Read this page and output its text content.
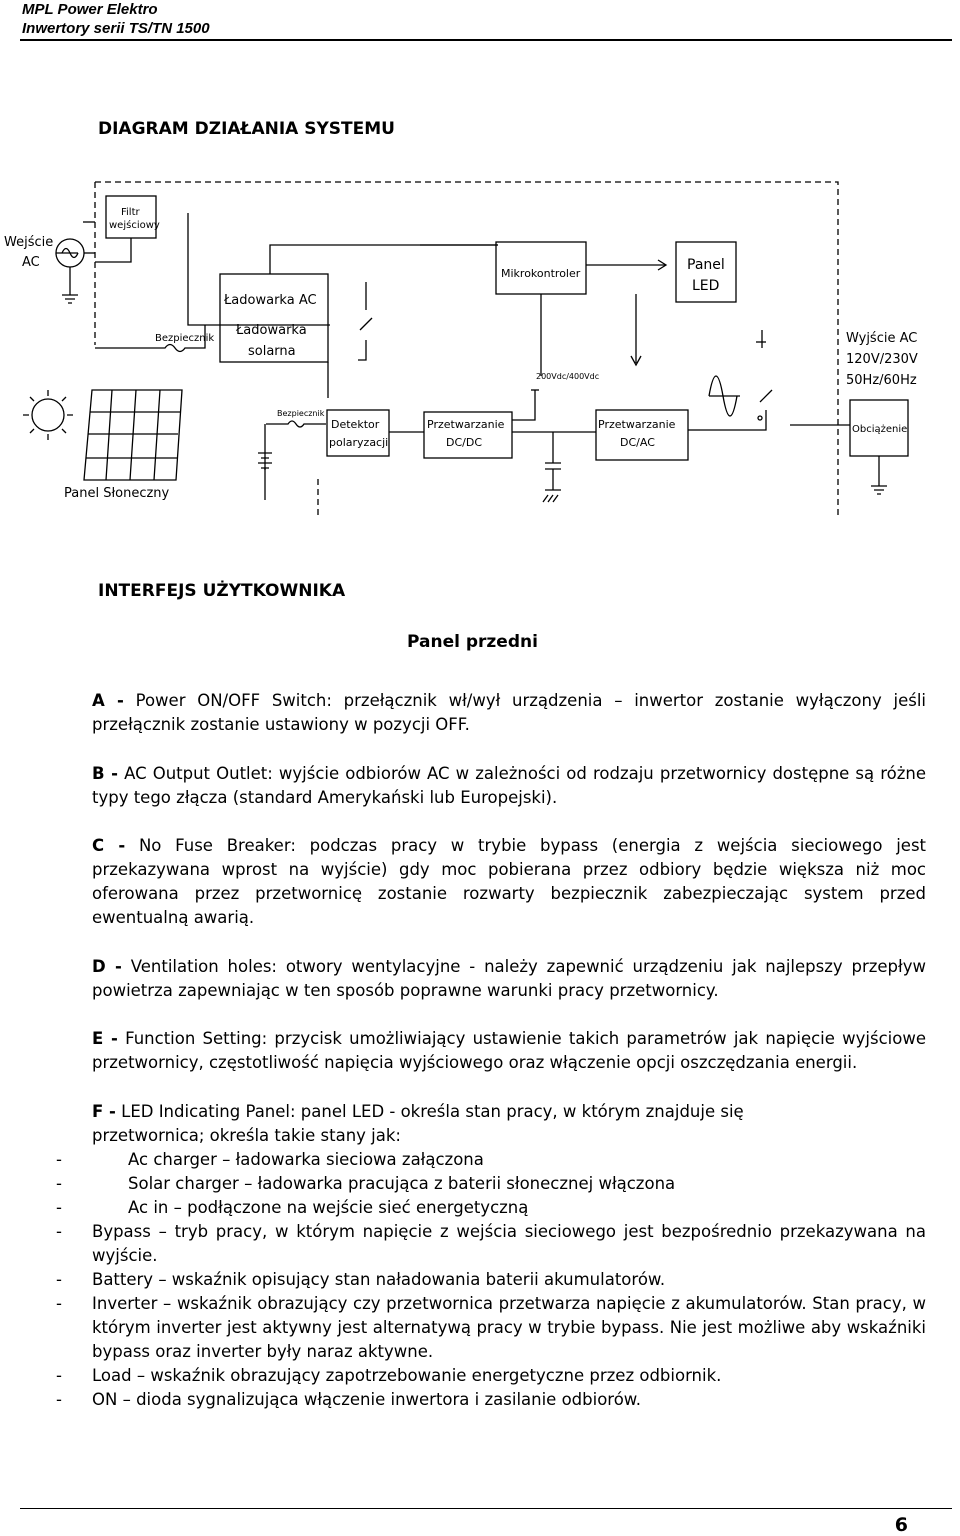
MPL Power Elektro
Inwertory serii TS/TN 1500
DIAGRAM DZIAŁANIA SYSTEMU
Wejście
AC
Filtr
wejściowy
Bezpiecznik
Ładowarka AC
Ładowarka
solarna
Mikrokontroler
Panel
LED
Wyjście AC
120V/230V
50Hz/60Hz
200Vdc/400Vdc
Bezpiecznik
Detektor
polaryzacji
Przetwarzanie
DC/DC
Przetwarzanie
DC/AC
Obciążenie
Panel Słoneczny
INTERFEJS UŻYTKOWNIKA
Panel przedni
A - Power ON/OFF Switch: przełącznik wł/wył urządzenia – inwertor zostanie wyłączony jeśli przełącznik zostanie ustawiony w pozycji OFF.
B - AC Output Outlet: wyjście odbiorów AC w zależności od rodzaju przetwornicy dostępne są różne typy tego złącza (standard Amerykański lub Europejski).
C - No Fuse Breaker: podczas pracy w trybie bypass (energia z wejścia sieciowego jest przekazywana wprost na wyjście) gdy moc pobierana przez odbiory będzie większa niż moc oferowana przez przetwornicę zostanie rozwarty bezpiecznik zabezpieczając system przed ewentualną awarią.
D - Ventilation holes: otwory wentylacyjne - należy zapewnić urządzeniu jak najlepszy przepływ powietrza zapewniając w ten sposób poprawne warunki pracy przetwornicy.
E - Function Setting: przycisk umożliwiający ustawienie takich parametrów jak napięcie wyjściowe przetwornicy, częstotliwość napięcia wyjściowego oraz włączenie opcji oszczędzania energii.
F - LED Indicating Panel: panel LED - określa stan pracy, w którym znajduje się przetwornica; określa takie stany jak:
-	Ac charger – ładowarka sieciowa załączona
-	Solar charger – ładowarka pracująca z baterii słonecznej włączona
-	Ac in – podłączone na wejście sieć energetyczną
- Bypass – tryb pracy, w którym napięcie z wejścia sieciowego jest bezpośrednio przekazywana na wyjście.
- Battery – wskaźnik opisujący stan naładowania baterii akumulatorów.
- Inverter – wskaźnik obrazujący czy przetwornica przetwarza napięcie z akumulatorów. Stan pracy, w którym inverter jest aktywny jest alternatywą pracy w trybie bypass. Nie jest możliwe aby wskaźniki bypass oraz inverter były naraz aktywne.
- Load – wskaźnik obrazujący zapotrzebowanie energetyczne przez odbiornik.
- ON – dioda sygnalizująca włączenie inwertora i zasilanie odbiorów.
6
